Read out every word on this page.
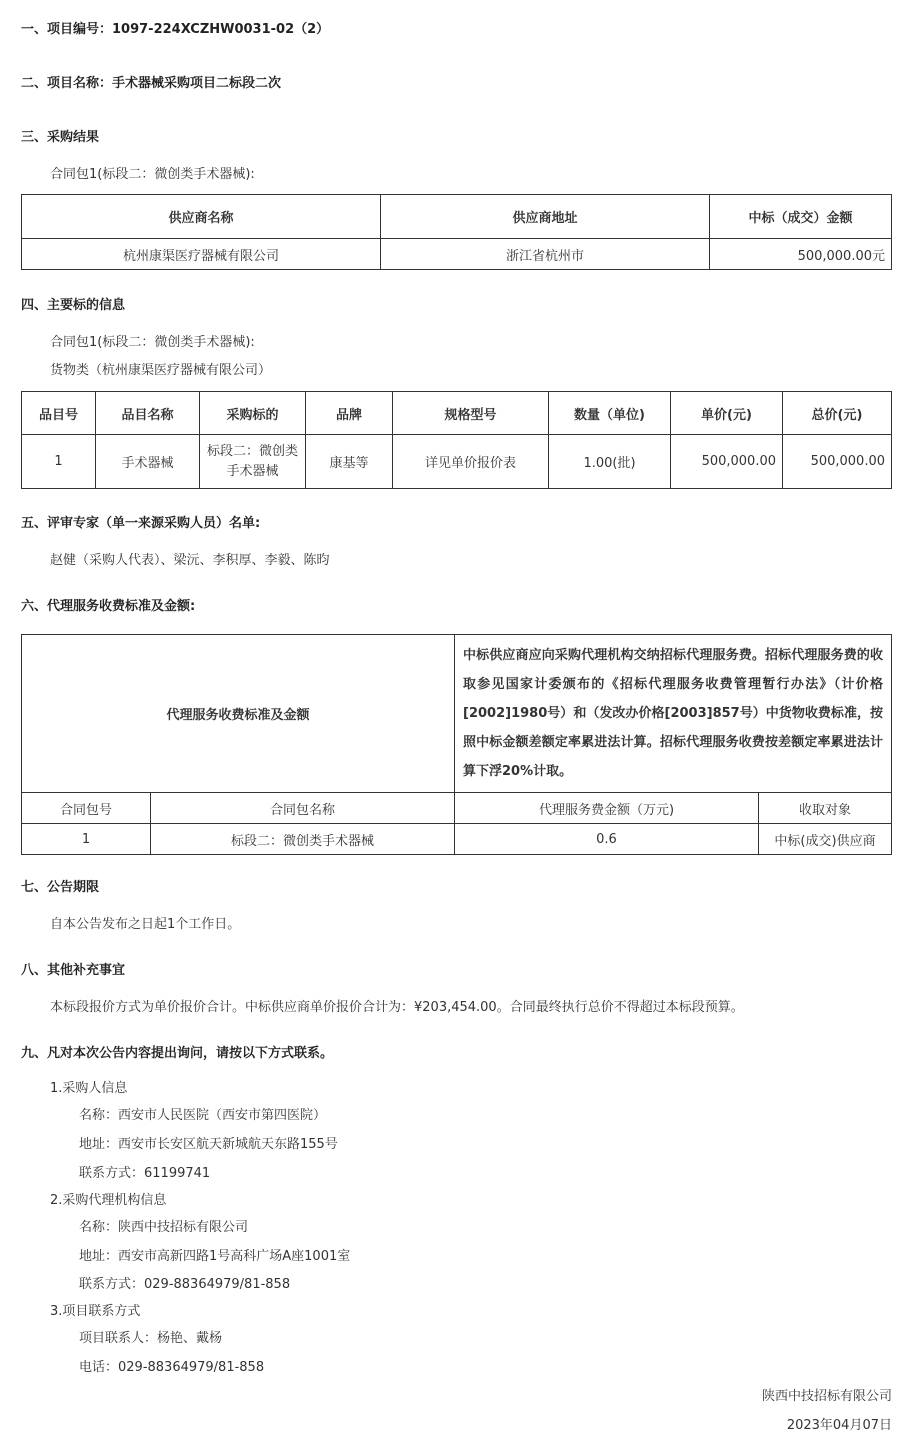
一、项目编号：1097-224XCZHW0031-02（2）
二、项目名称：手术器械采购项目二标段二次
三、采购结果
合同包1(标段二：微创类手术器械):
供应商名称	供应商地址	中标（成交）金额
杭州康渠医疗器械有限公司	浙江省杭州市	500,000.00元
四、主要标的信息
合同包1(标段二：微创类手术器械):
货物类（杭州康渠医疗器械有限公司）
品目号	品目名称	采购标的	品牌	规格型号	数量（单位)	单价(元)	总价(元)
1	手术器械	标段二：微创类手术器械	康基等	详见单价报价表	1.00(批)	500,000.00	500,000.00
五、评审专家（单一来源采购人员）名单:
赵健（采购人代表）、梁沅、李积厚、李毅、陈昀
六、代理服务收费标准及金额:
代理服务收费标准及金额		中标供应商应向采购代理机构交纳招标代理服务费。招标代理服务费的收取参见国家计委颁布的《招标代理服务收费管理暂行办法》（计价格[2002]1980号）和（发改办价格[2003]857号）中货物收费标准，按照中标金额差额定率累进法计算。招标代理服务收费按差额定率累进法计算下浮20%计取。	
合同包号	合同包名称	代理服务费金额（万元)	收取对象
1	标段二：微创类手术器械	0.6	中标(成交)供应商
七、公告期限
自本公告发布之日起1个工作日。
八、其他补充事宜
本标段报价方式为单价报价合计。中标供应商单价报价合计为：¥203,454.00。合同最终执行总价不得超过本标段预算。
九、凡对本次公告内容提出询问，请按以下方式联系。
1.采购人信息
名称：西安市人民医院（西安市第四医院）
地址：西安市长安区航天新城航天东路155号
联系方式：61199741
2.采购代理机构信息
名称：陕西中技招标有限公司
地址：西安市高新四路1号高科广场A座1001室
联系方式：029-88364979/81-858
3.项目联系方式
项目联系人：杨艳、戴杨
电话：029-88364979/81-858
陕西中技招标有限公司
2023年04月07日
